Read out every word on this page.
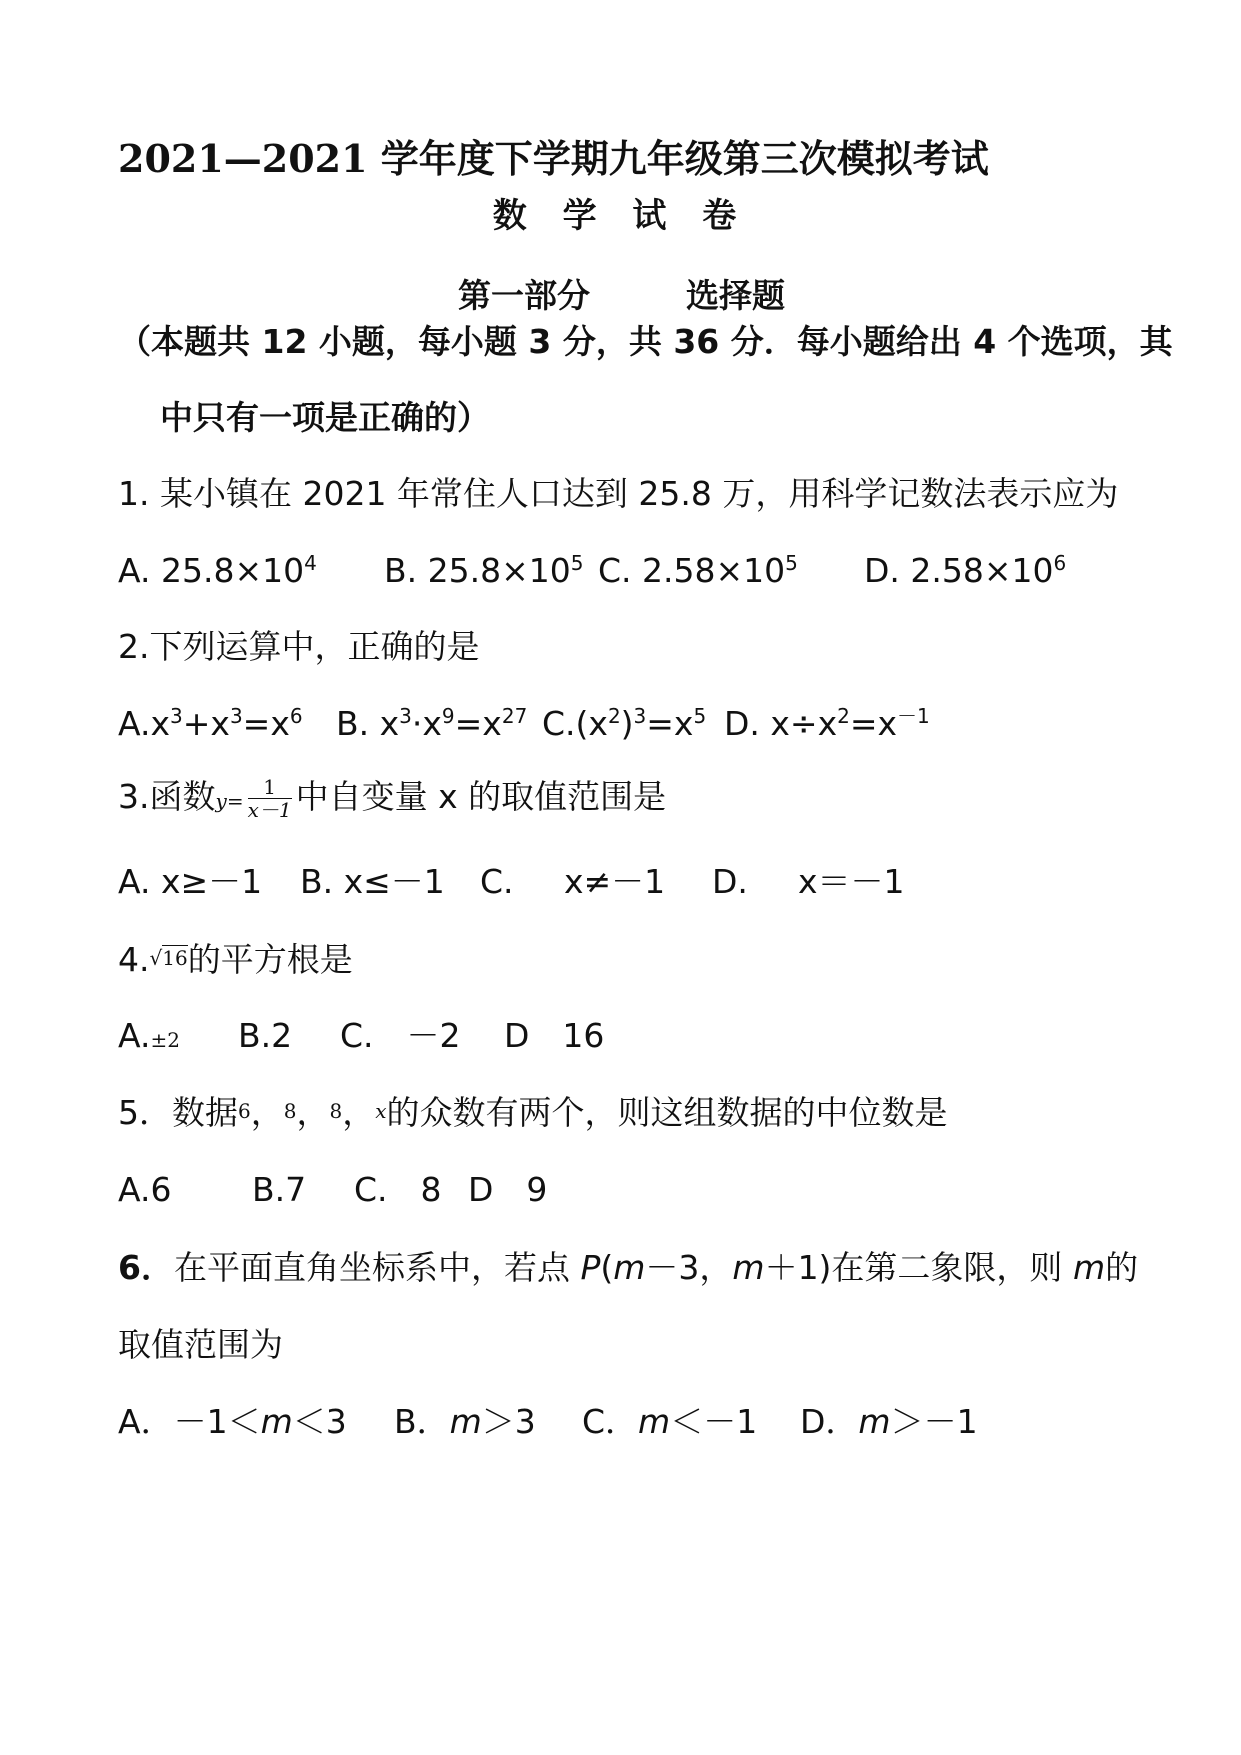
2021—2021 学年度下学期九年级第三次模拟考试
数 学 试 卷
第一部分	选择题
（本题共 12 小题，每小题 3 分，共 36 分．每小题给出 4 个选项，其
中只有一项是正确的）
1. 某小镇在 2021 年常住人口达到 25.8 万，用科学记数法表示应为
A. $25.8\times 10^4$ B. $25.8\times 10^5$ C. $2.58\times 10^5$ D. $2.58\times 10^6$
2.下列运算中，正确的是
$A.x^3+x^3=x^6$ B. $x^3\cdot x^9=x^{27}$ $C.(x^2)^3=x^5$ D. $x\div x^2=x^{-1}$
3.函数$y= \frac{1}{x-1}$ 中自变量 x 的取值范围是
A. x≥－1 B. x≤－1 C. x≠－1 D. x＝－1
4.√16的平方根是
A.±2 B.2 C.　－2 D　16
5．数据6，8，8，x的众数有两个，则这组数据的中位数是
A.6 B.7 C.　8 D　9
6．在平面直角坐标系中，若点 P(m－3，m＋1)在第二象限，则 m的
取值范围为
A．－1＜m＜3 B．m＞3 C．m＜－1 D．m＞－1
